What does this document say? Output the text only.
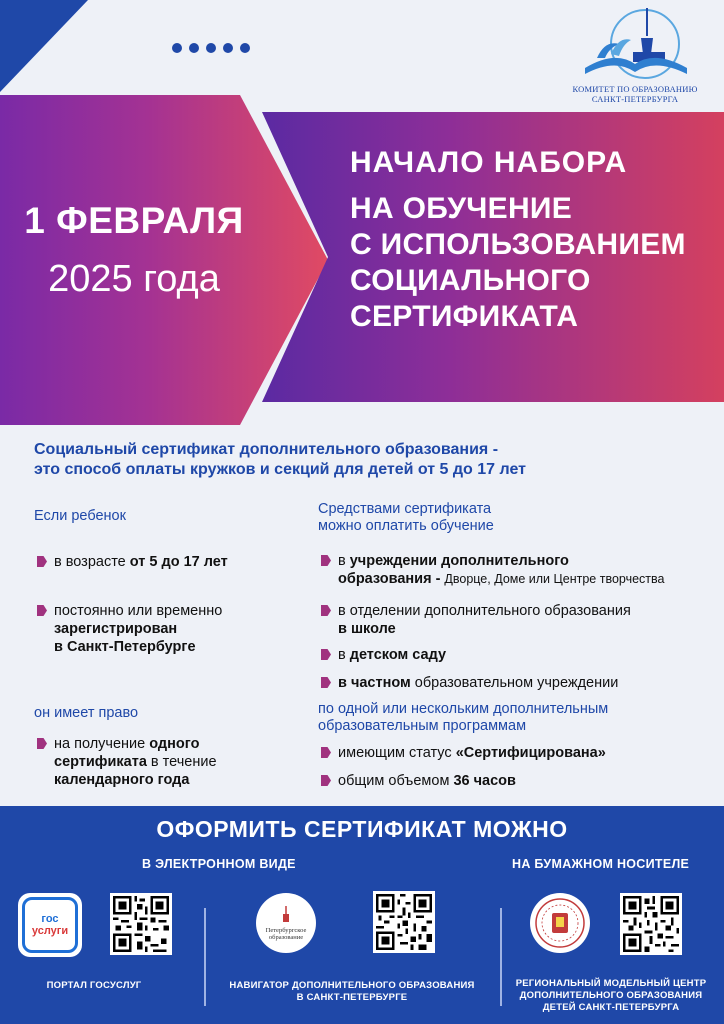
КОМИТЕТ ПО ОБРАЗОВАНИЮ
САНКТ-ПЕТЕРБУРГА
1 ФЕВРАЛЯ
2025 года
НАЧАЛО НАБОРА
НА ОБУЧЕНИЕ
С ИСПОЛЬЗОВАНИЕМ
СОЦИАЛЬНОГО
СЕРТИФИКАТА
Социальный сертификат дополнительного образования -
это способ оплаты кружков и секций для детей от 5 до 17 лет
Если ребенок
в возрасте от 5 до 17 лет
постоянно или временно
зарегистрирован
в Санкт-Петербурге
он имеет право
на получение одного
сертификата в течение
календарного года
Средствами сертификата
можно оплатить обучение
в учреждении дополнительного
образования - Дворце, Доме или Центре творчества
в отделении дополнительного образования
в школе
в детском саду
в частном образовательном учреждении
по одной или нескольким дополнительным
образовательным программам
имеющим статус «Сертифицирована»
общим объемом 36 часов
ОФОРМИТЬ СЕРТИФИКАТ МОЖНО
В ЭЛЕКТРОННОМ ВИДЕ	НА БУМАЖНОМ НОСИТЕЛЕ
гос
услуги
ПОРТАЛ ГОСУСЛУГ
Петербургское
образование
НАВИГАТОР ДОПОЛНИТЕЛЬНОГО ОБРАЗОВАНИЯ
В САНКТ-ПЕТЕРБУРГЕ
РЕГИОНАЛЬНЫЙ МОДЕЛЬНЫЙ ЦЕНТР
ДОПОЛНИТЕЛЬНОГО ОБРАЗОВАНИЯ
ДЕТЕЙ САНКТ-ПЕТЕРБУРГА
